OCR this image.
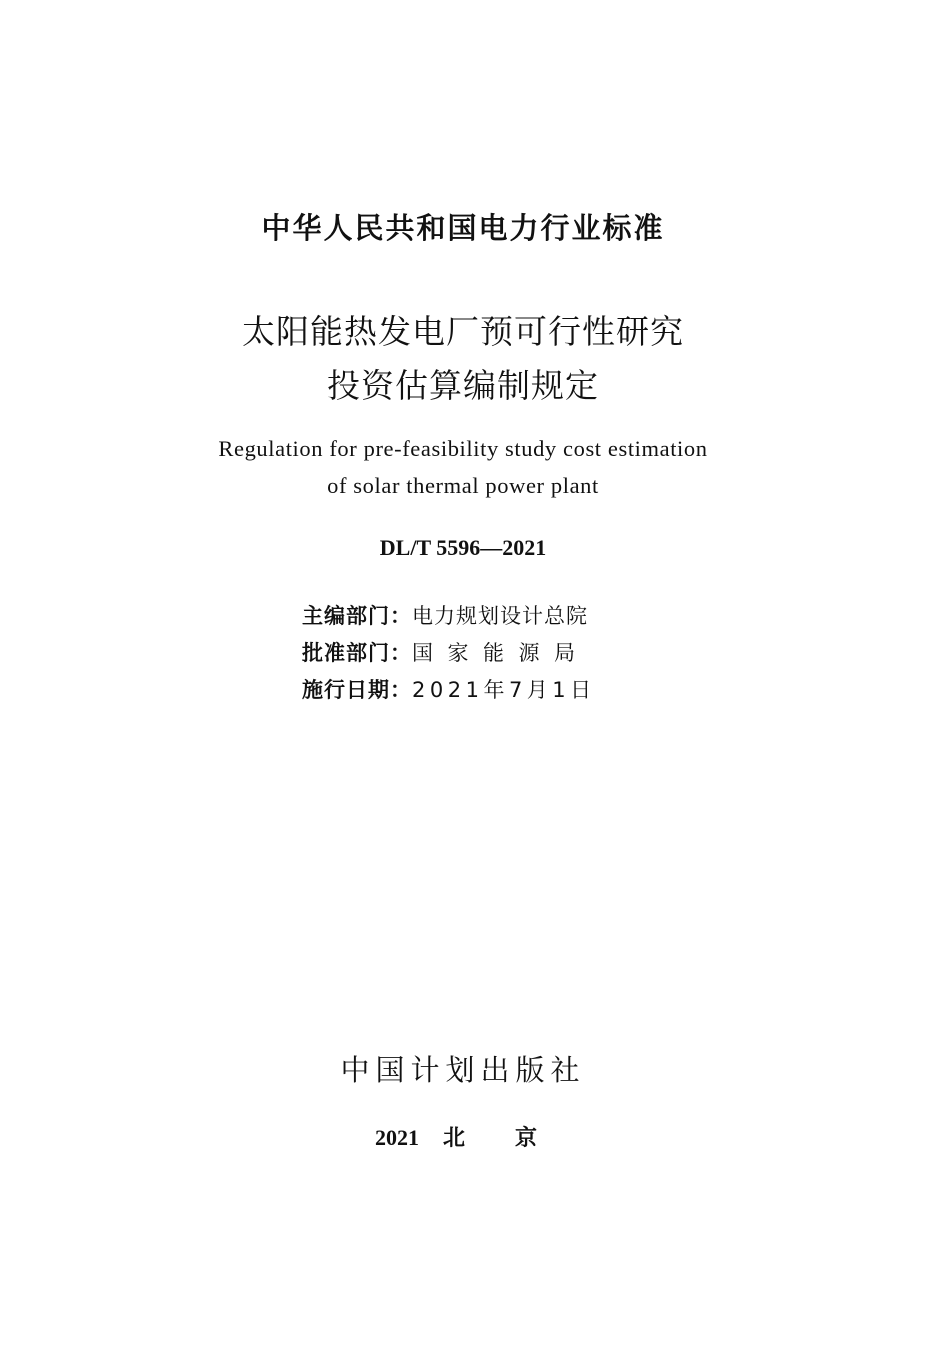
中华人民共和国电力行业标准
太阳能热发电厂预可行性研究
投资估算编制规定
Regulation for pre-feasibility study cost estimation
of solar thermal power plant
DL/T 5596—2021
主编部门：电力规划设计总院
批准部门：国家能源局
施行日期：2021年7月1日
中国计划出版社
2021 北京
